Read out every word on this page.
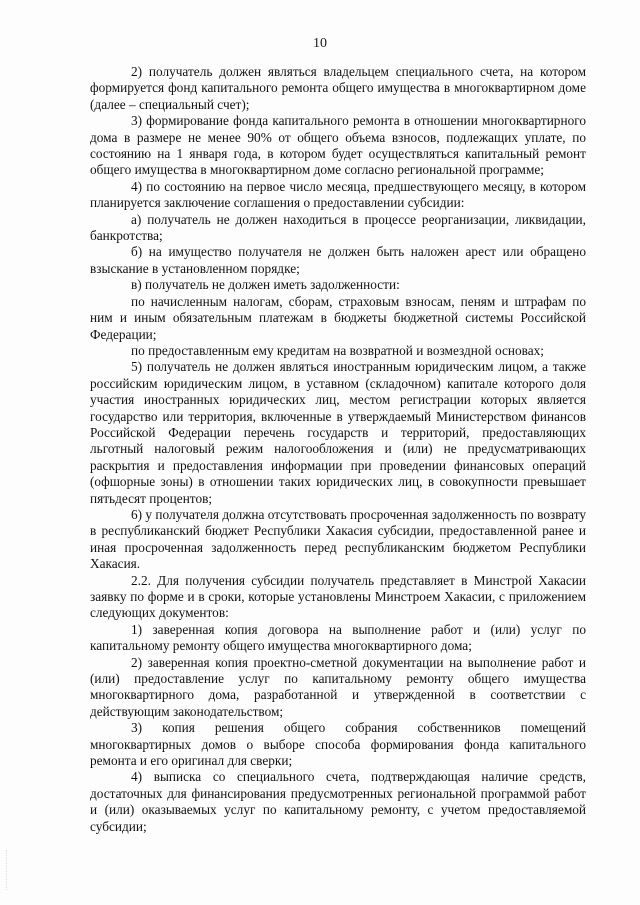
10

2) получатель должен являться владельцем специального счета, на котором формируется фонд капитального ремонта общего имущества в многоквартирном доме (далее – специальный счет);

3) формирование фонда капитального ремонта в отношении многоквартирного дома в размере не менее 90% от общего объема взносов, подлежащих уплате, по состоянию на 1 января года, в котором будет осуществляться капитальный ремонт общего имущества в многоквартирном доме согласно региональной программе;

4) по состоянию на первое число месяца, предшествующего месяцу, в котором планируется заключение соглашения о предоставлении субсидии:

а) получатель не должен находиться в процессе реорганизации, ликвидации, банкротства;

б) на имущество получателя не должен быть наложен арест или обращено взыскание в установленном порядке;

в) получатель не должен иметь задолженности:

по начисленным налогам, сборам, страховым взносам, пеням и штрафам по ним и иным обязательным платежам в бюджеты бюджетной системы Российской Федерации;

по предоставленным ему кредитам на возвратной и возмездной основах;

5) получатель не должен являться иностранным юридическим лицом, а также российским юридическим лицом, в уставном (складочном) капитале которого доля участия иностранных юридических лиц, местом регистрации которых является государство или территория, включенные в утверждаемый Министерством финансов Российской Федерации перечень государств и территорий, предоставляющих льготный налоговый режим налогообложения и (или) не предусматривающих раскрытия и предоставления информации при проведении финансовых операций (офшорные зоны) в отношении таких юридических лиц, в совокупности превышает пятьдесят процентов;

6) у получателя должна отсутствовать просроченная задолженность по возврату в республиканский бюджет Республики Хакасия субсидии, предоставленной ранее и иная просроченная задолженность перед республиканским бюджетом Республики Хакасия.

2.2. Для получения субсидии получатель представляет в Минстрой Хакасии заявку по форме и в сроки, которые установлены Минстроем Хакасии, с приложением следующих документов:

1) заверенная копия договора на выполнение работ и (или) услуг по капитальному ремонту общего имущества многоквартирного дома;

2) заверенная копия проектно-сметной документации на выполнение работ и (или) предоставление услуг по капитальному ремонту общего имущества многоквартирного дома, разработанной и утвержденной в соответствии с действующим законодательством;

3) копия решения общего собрания собственников помещений многоквартирных домов о выборе способа формирования фонда капитального ремонта и его оригинал для сверки;

4) выписка со специального счета, подтверждающая наличие средств, достаточных для финансирования предусмотренных региональной программой работ и (или) оказываемых услуг по капитальному ремонту, с учетом предоставляемой субсидии;
